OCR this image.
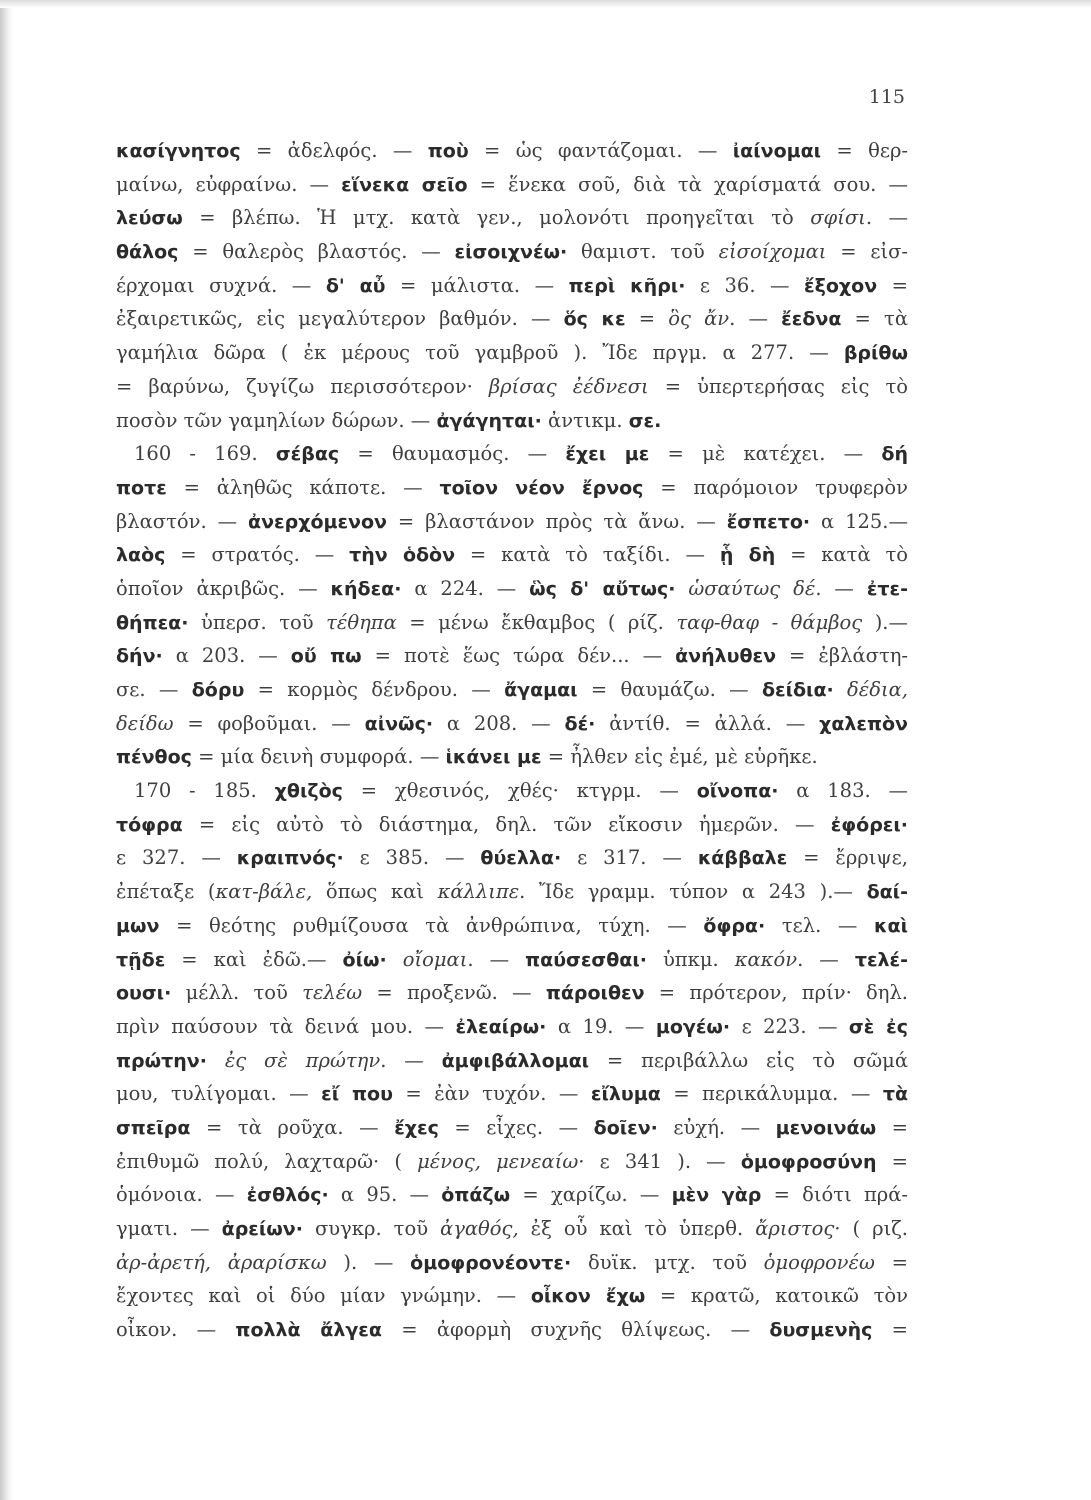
115
κασίγνητος = ἀδελφός. — ποὺ = ὡς φαντάζομαι. — ἰαίνομαι = θερ-
μαίνω, εὐφραίνω. — εἵνεκα σεῖο = ἕνεκα σοῦ, διὰ τὰ χαρίσματά σου. —
λεύσω = βλέπω. Ἡ μτχ. κατὰ γεν., μολονότι προηγεῖται τὸ σφίσι. —
θάλος = θαλερὸς βλαστός. — εἰσοιχνέω· θαμιστ. τοῦ εἰσοίχομαι = εἰσ-
έρχομαι συχνά. — δ' αὖ = μάλιστα. — περὶ κῆρι· ε 36. — ἔξοχον =
ἐξαιρετικῶς, εἰς μεγαλύτερον βαθμόν. — ὅς κε = ὃς ἄν. — ἔεδνα = τὰ
γαμήλια δῶρα ( ἐκ μέρους τοῦ γαμβροῦ ). Ἴδε πργμ. α 277. — βρίθω
= βαρύνω, ζυγίζω περισσότερον· βρίσας ἐέδνεσι = ὑπερτερήσας εἰς τὸ
ποσὸν τῶν γαμηλίων δώρων. — ἀγάγηται· ἀντικμ. σε.
160 - 169. σέβας = θαυμασμός. — ἔχει με = μὲ κατέχει. — δή
ποτε = ἀληθῶς κάποτε. — τοῖον νέον ἔρνος = παρόμοιον τρυφερὸν
βλαστόν. — ἀνερχόμενον = βλαστάνον πρὸς τὰ ἄνω. — ἔσπετο· α 125.—
λαὸς = στρατός. — τὴν ὁδὸν = κατὰ τὸ ταξίδι. — ᾗ δὴ = κατὰ τὸ
ὁποῖον ἀκριβῶς. — κήδεα· α 224. — ὣς δ' αὔτως· ὡσαύτως δέ. — ἐτε-
θήπεα· ὑπερσ. τοῦ τέθηπα = μένω ἔκθαμβος ( ρίζ. ταφ-θαφ - θάμβος ).—
δήν· α 203. — οὔ πω = ποτὲ ἕως τώρα δέν... — ἀνήλυθεν = ἐβλάστη-
σε. — δόρυ = κορμὸς δένδρου. — ἄγαμαι = θαυμάζω. — δείδια· δέδια,
δείδω = φοβοῦμαι. — αἰνῶς· α 208. — δέ· ἀντίθ. = ἀλλά. — χαλεπὸν
πένθος = μία δεινὴ συμφορά. — ἱκάνει με = ἦλθεν εἰς ἐμέ, μὲ εὑρῆκε.
170 - 185. χθιζὸς = χθεσινός, χθές· κτγρμ. — οἴνοπα· α 183. —
τόφρα = εἰς αὐτὸ τὸ διάστημα, δηλ. τῶν εἴκοσιν ἡμερῶν. — ἐφόρει·
ε 327. — κραιπνός· ε 385. — θύελλα· ε 317. — κάββαλε = ἔρριψε,
ἐπέταξε (κατ-βάλε, ὅπως καὶ κάλλιπε. Ἴδε γραμμ. τύπον α 243 ).— δαί-
μων = θεότης ρυθμίζουσα τὰ ἀνθρώπινα, τύχη. — ὄφρα· τελ. — καὶ
τῇδε = καὶ ἐδῶ.— ὀίω· οἴομαι. — παύσεσθαι· ὑπκμ. κακόν. — τελέ-
ουσι· μέλλ. τοῦ τελέω = προξενῶ. — πάροιθεν = πρότερον, πρίν· δηλ.
πρὶν παύσουν τὰ δεινά μου. — ἐλεαίρω· α 19. — μογέω· ε 223. — σὲ ἐς
πρώτην· ἐς σὲ πρώτην. — ἀμφιβάλλομαι = περιβάλλω εἰς τὸ σῶμά
μου, τυλίγομαι. — εἴ που = ἐὰν τυχόν. — εἴλυμα = περικάλυμμα. — τὰ
σπεῖρα = τὰ ροῦχα. — ἔχες = εἶχες. — δοῖεν· εὐχή. — μενοινάω =
ἐπιθυμῶ πολύ, λαχταρῶ· ( μένος, μενεαίω· ε 341 ). — ὁμοφροσύνη =
ὁμόνοια. — ἐσθλός· α 95. — ὀπάζω = χαρίζω. — μὲν γὰρ = διότι πρά-
γματι. — ἀρείων· συγκρ. τοῦ ἀγαθός, ἐξ οὗ καὶ τὸ ὑπερθ. ἄριστος· ( ριζ.
ἀρ-ἀρετή, ἀραρίσκω ). — ὁμοφρονέοντε· δυϊκ. μτχ. τοῦ ὁμοφρονέω =
ἔχοντες καὶ οἱ δύο μίαν γνώμην. — οἶκον ἔχω = κρατῶ, κατοικῶ τὸν
οἶκον. — πολλὰ ἄλγεα = ἀφορμὴ συχνῆς θλίψεως. — δυσμενὴς =
